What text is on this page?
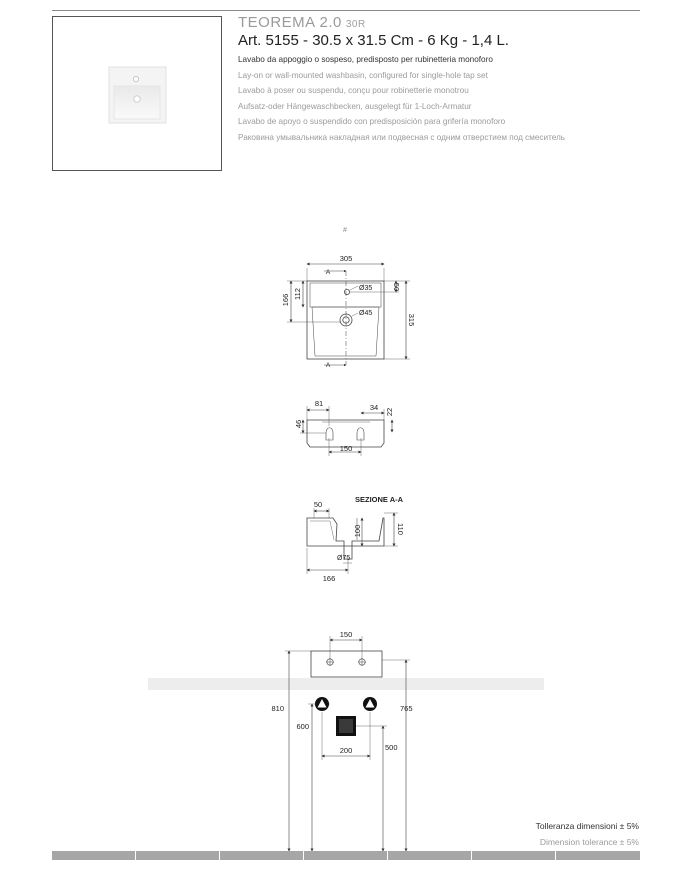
TEOREMA 2.0 30R
Art. 5155 - 30.5 x 31.5 Cm - 6 Kg - 1,4 L.
Lavabo da appoggio o sospeso, predisposto per rubinetteria monoforo
Lay-on or wall-mounted washbasin, configured for single-hole tap set
Lavabo à poser ou suspendu, conçu pour robinetterie monotrou
Aufsatz-oder Hängewaschbecken, ausgelegt für 1-Loch-Armatur
Lavabo de apoyo o suspendido con predisposición para grifería monoforo
Раковина умывальника накладная или подвесная с одним отверстием под смеситель
#
305
A
A
Ø35
Ø45
50
315
112
166
81	34 22
46
150
SEZIONE A-A
50
100	110
Ø75
166
150
810	765
600
500
200
Tolleranza dimensioni ± 5%
Dimension tolerance ± 5%
